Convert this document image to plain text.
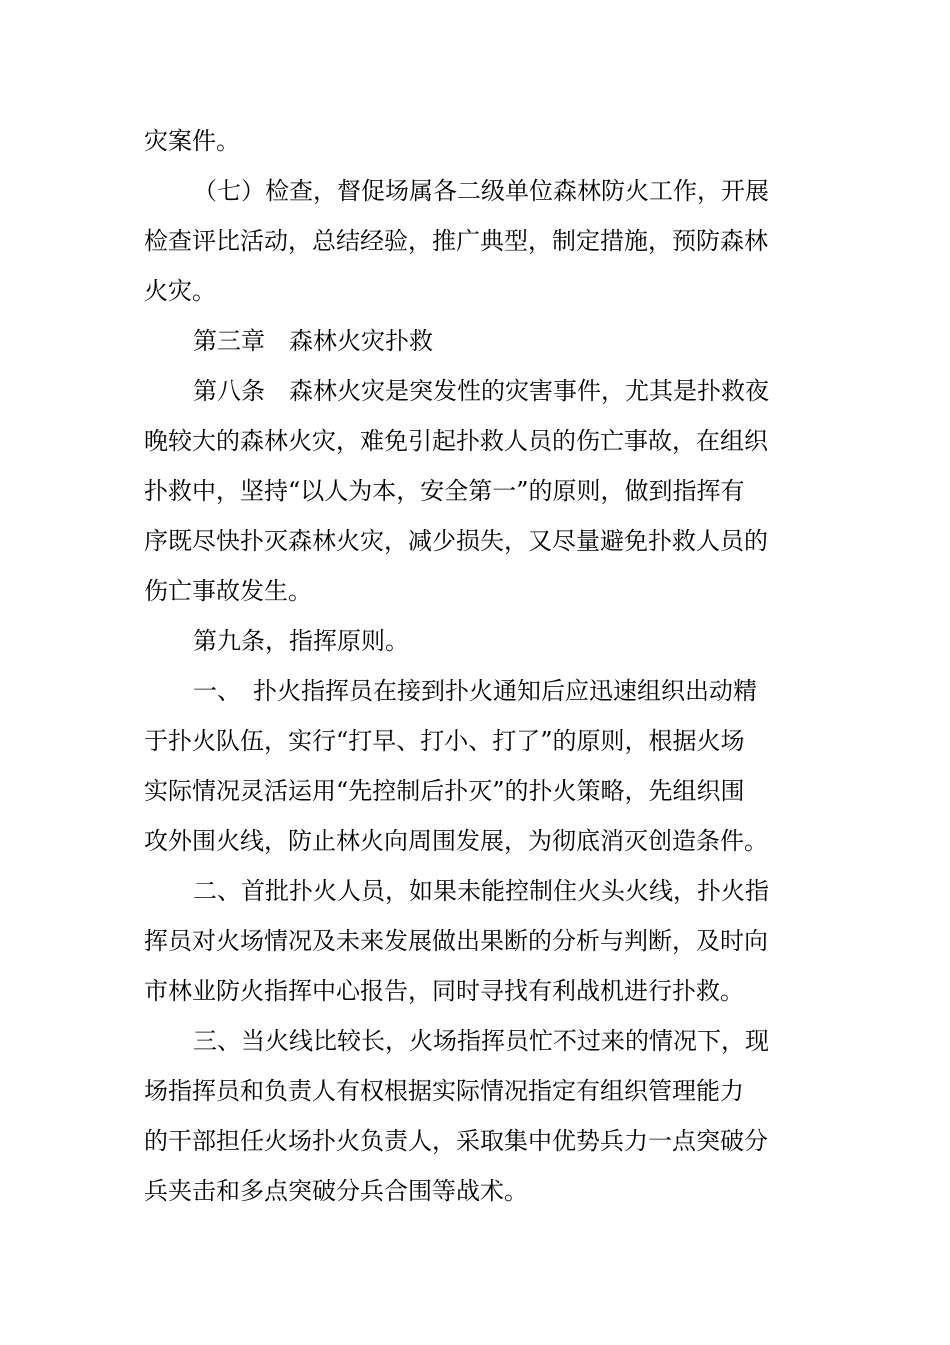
灾案件。
（七）检查，督促场属各二级单位森林防火工作，开展
检查评比活动，总结经验，推广典型，制定措施，预防森林
火灾。
第三章　森林火灾扑救
第八条　森林火灾是突发性的灾害事件，尤其是扑救夜
晚较大的森林火灾，难免引起扑救人员的伤亡事故，在组织
扑救中，坚持“以人为本，安全第一”的原则，做到指挥有
序既尽快扑灭森林火灾，减少损失，又尽量避免扑救人员的
伤亡事故发生。
第九条，指挥原则。
一、　扑火指挥员在接到扑火通知后应迅速组织出动精
于扑火队伍，实行“打早、打小、打了”的原则，根据火场
实际情况灵活运用“先控制后扑灭”的扑火策略，先组织围
攻外围火线，防止林火向周围发展，为彻底消灭创造条件。
二、首批扑火人员，如果未能控制住火头火线，扑火指
挥员对火场情况及未来发展做出果断的分析与判断，及时向
市林业防火指挥中心报告，同时寻找有利战机进行扑救。
三、当火线比较长，火场指挥员忙不过来的情况下，现
场指挥员和负责人有权根据实际情况指定有组织管理能力
的干部担任火场扑火负责人，采取集中优势兵力一点突破分
兵夹击和多点突破分兵合围等战术。
